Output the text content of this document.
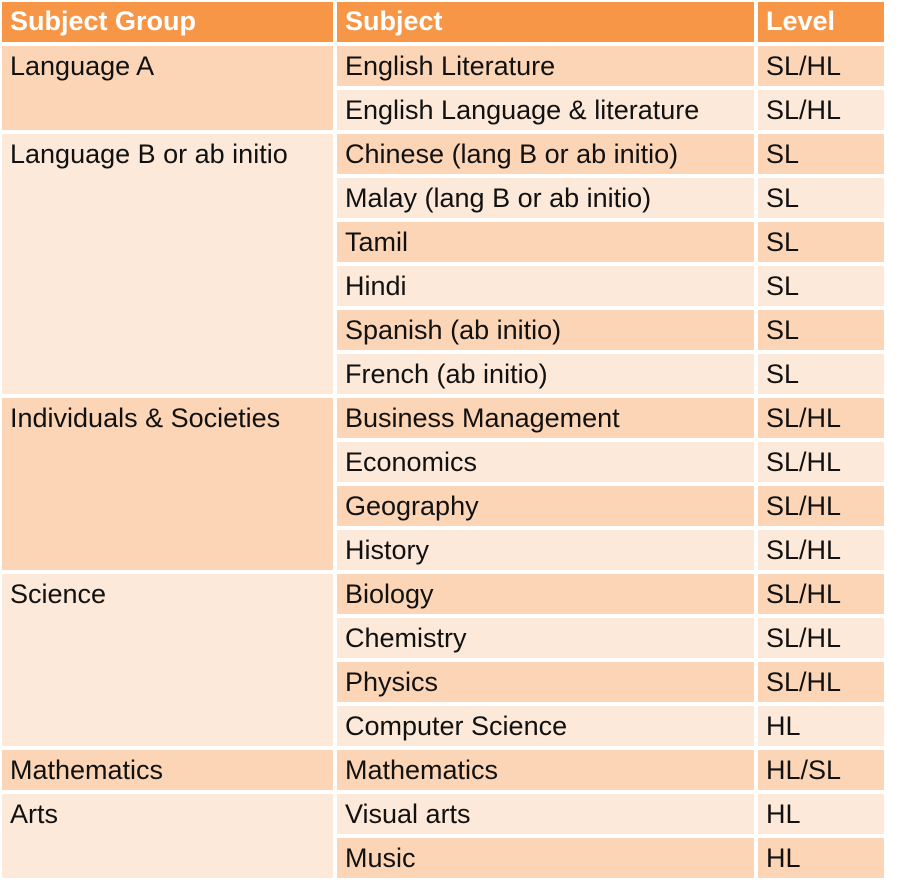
Subject Group	Subject	Level
Language A	English Literature	SL/HL
	English Language & literature	SL/HL
Language B or ab initio	Chinese (lang B or ab initio)	SL
	Malay (lang B or ab initio)	SL
	Tamil	SL
	Hindi	SL
	Spanish (ab initio)	SL
	French (ab initio)	SL
Individuals & Societies	Business Management	SL/HL
	Economics	SL/HL
	Geography	SL/HL
	History	SL/HL
Science	Biology	SL/HL
	Chemistry	SL/HL
	Physics	SL/HL
	Computer Science	HL
Mathematics	Mathematics	HL/SL
Arts	Visual arts	HL
	Music	HL
